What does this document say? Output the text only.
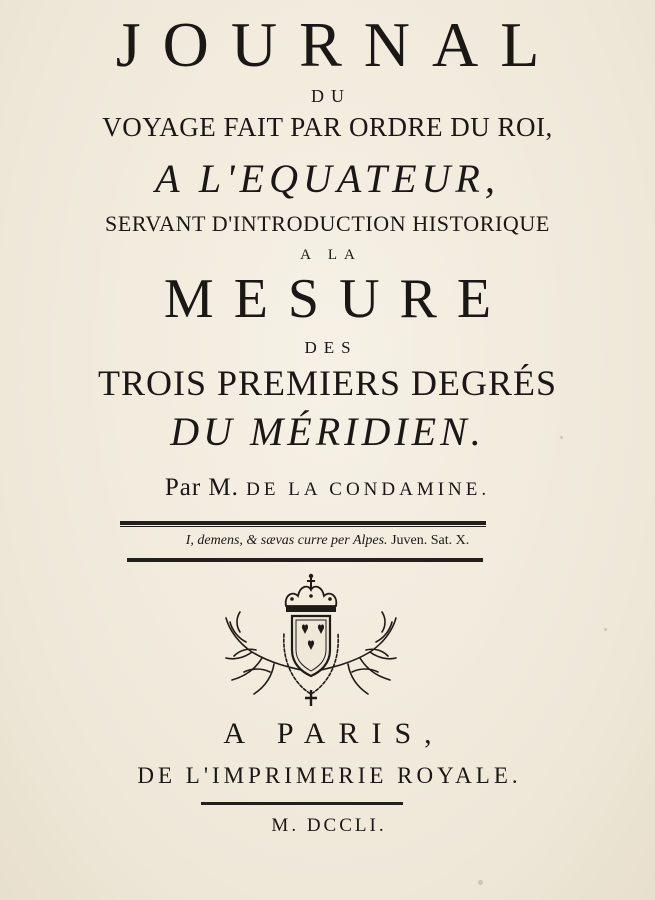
JOURNAL
DU
VOYAGE FAIT PAR ORDRE DU ROI,
A L'EQUATEUR,
SERVANT D'INTRODUCTION HISTORIQUE
A LA
MESURE
DES
TROIS PREMIERS DEGRÉS
DU MÉRIDIEN.
Par M. DE LA CONDAMINE.
I, demens, & sævas curre per Alpes. Juven. Sat. X.
A PARIS,
DE L'IMPRIMERIE ROYALE.
M. DCCLI.
